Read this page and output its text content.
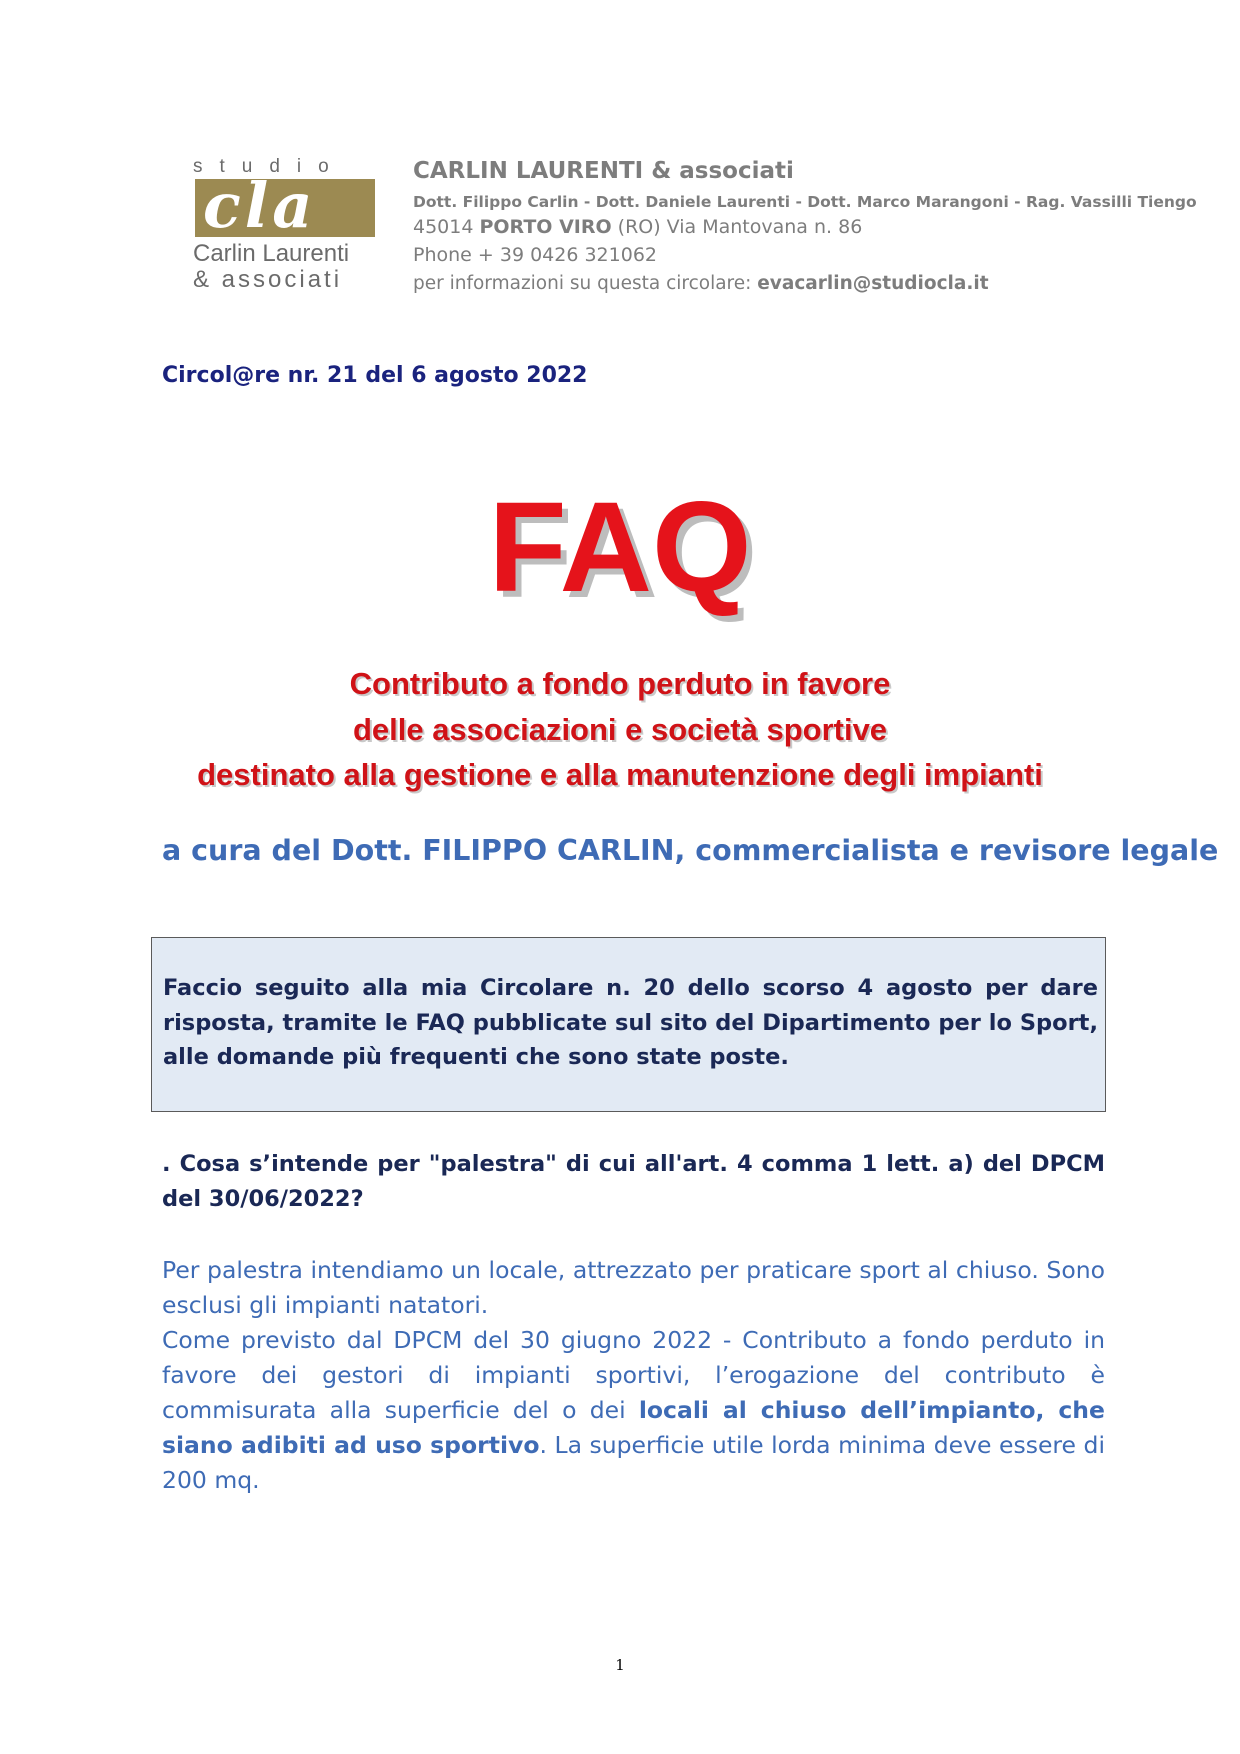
studio
cla
Carlin Laurenti
& associati
CARLIN LAURENTI & associati
Dott. Filippo Carlin - Dott. Daniele Laurenti - Dott. Marco Marangoni - Rag. Vassilli Tiengo
45014 PORTO VIRO (RO) Via Mantovana n. 86
Phone + 39 0426 321062
per informazioni su questa circolare: evacarlin@studiocla.it
Circol@re nr. 21 del 6 agosto 2022
FAQ
Contributo a fondo perduto in favore
delle associazioni e società sportive
destinato alla gestione e alla manutenzione degli impianti
a cura del Dott. FILIPPO CARLIN, commercialista e revisore legale
Faccio seguito alla mia Circolare n. 20 dello scorso 4 agosto per dare risposta, tramite le FAQ pubblicate sul sito del Dipartimento per lo Sport, alle domande più frequenti che sono state poste.
. Cosa s’intende per "palestra" di cui all'art. 4 comma 1 lett. a) del DPCM del 30/06/2022?

Per palestra intendiamo un locale, attrezzato per praticare sport al chiuso. Sono esclusi gli impianti natatori.

Come previsto dal DPCM del 30 giugno 2022 - Contributo a fondo perduto in favore dei gestori di impianti sportivi, l’erogazione del contributo è commisurata alla superficie del o dei locali al chiuso dell’impianto, che siano adibiti ad uso sportivo. La superficie utile lorda minima deve essere di 200 mq.

1
